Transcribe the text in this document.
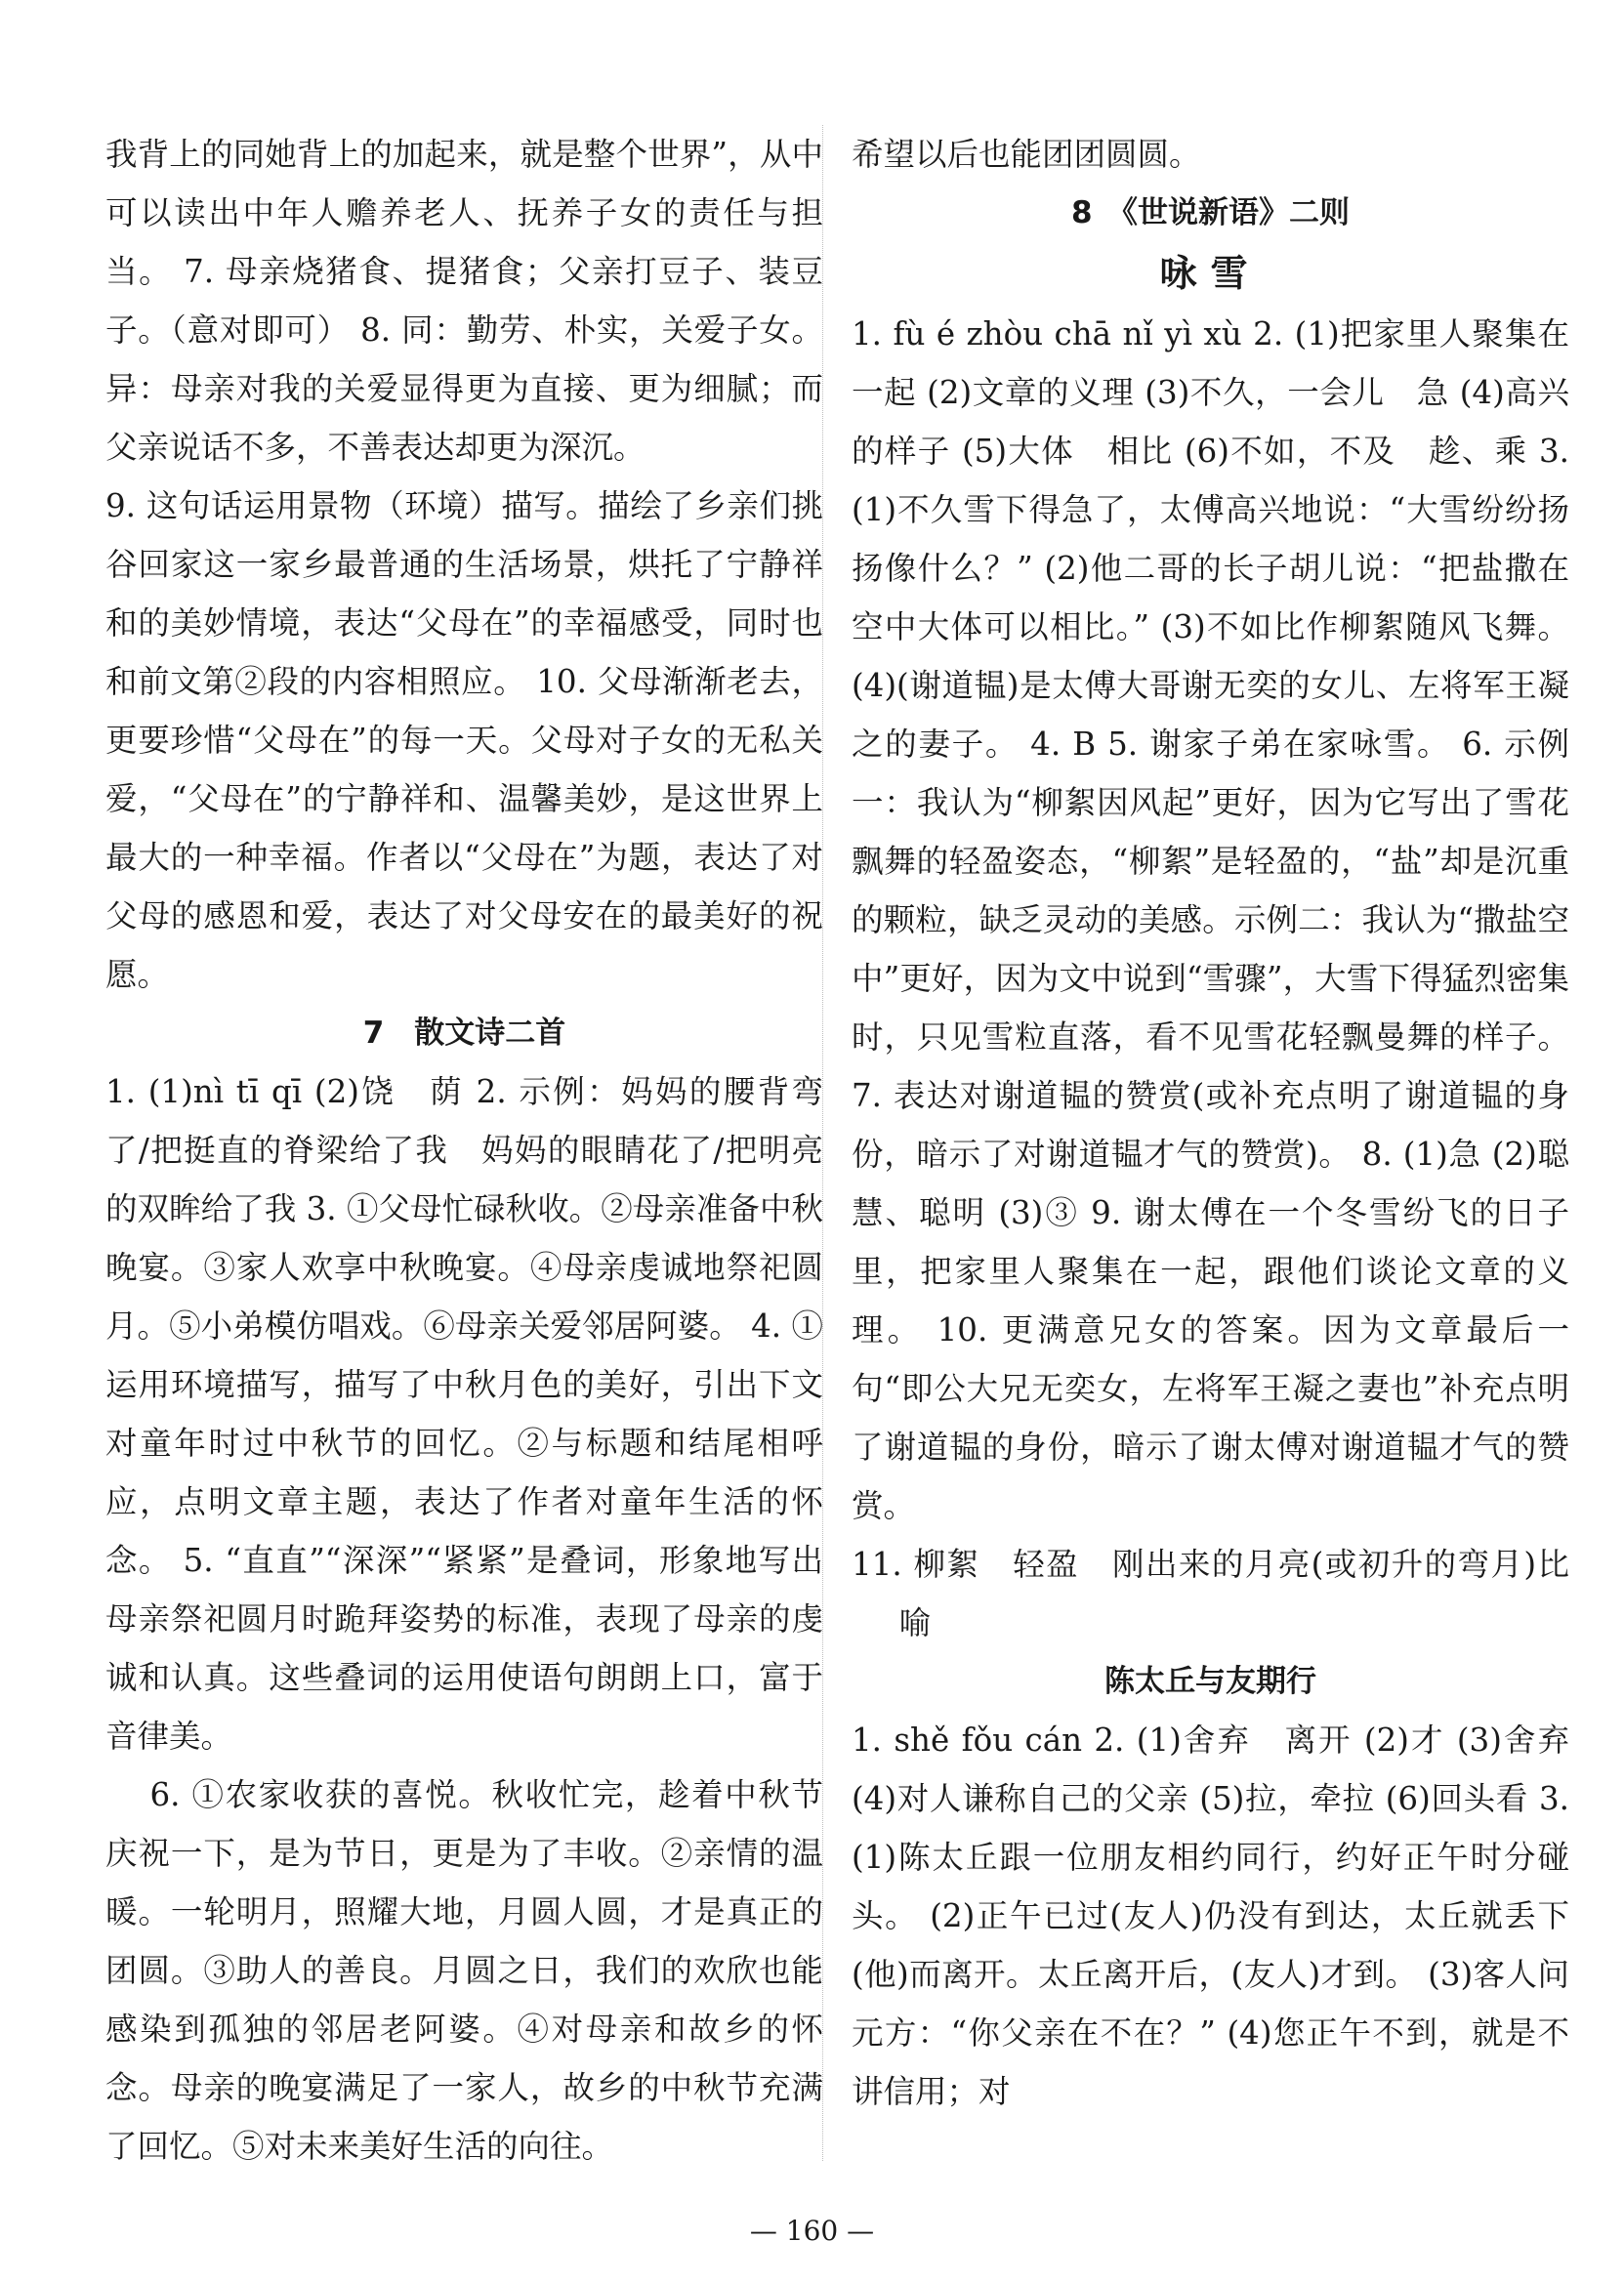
我背上的同她背上的加起来，就是整个世界”，从中可以读出中年人赡养老人、抚养子女的责任与担当。 7. 母亲烧猪食、提猪食；父亲打豆子、装豆子。（意对即可） 8. 同：勤劳、朴实，关爱子女。异：母亲对我的关爱显得更为直接、更为细腻；而父亲说话不多，不善表达却更为深沉。

9. 这句话运用景物（环境）描写。描绘了乡亲们挑谷回家这一家乡最普通的生活场景，烘托了宁静祥和的美妙情境，表达“父母在”的幸福感受，同时也和前文第②段的内容相照应。 10. 父母渐渐老去，更要珍惜“父母在”的每一天。父母对子女的无私关爱，“父母在”的宁静祥和、温馨美妙，是这世界上最大的一种幸福。作者以“父母在”为题，表达了对父母的感恩和爱，表达了对父母安在的最美好的祝愿。

7　散文诗二首

1. (1)nì tī qī (2)饶　荫 2. 示例：妈妈的腰背弯了/把挺直的脊梁给了我　妈妈的眼睛花了/把明亮的双眸给了我 3. ①父母忙碌秋收。②母亲准备中秋晚宴。③家人欢享中秋晚宴。④母亲虔诚地祭祀圆月。⑤小弟模仿唱戏。⑥母亲关爱邻居阿婆。 4. ①运用环境描写，描写了中秋月色的美好，引出下文对童年时过中秋节的回忆。②与标题和结尾相呼应，点明文章主题，表达了作者对童年生活的怀念。 5. “直直”“深深”“紧紧”是叠词，形象地写出母亲祭祀圆月时跪拜姿势的标准，表现了母亲的虔诚和认真。这些叠词的运用使语句朗朗上口，富于音律美。

6. ①农家收获的喜悦。秋收忙完，趁着中秋节庆祝一下，是为节日，更是为了丰收。②亲情的温暖。一轮明月，照耀大地，月圆人圆，才是真正的团圆。③助人的善良。月圆之日，我们的欢欣也能感染到孤独的邻居老阿婆。④对母亲和故乡的怀念。母亲的晚宴满足了一家人，故乡的中秋节充满了回忆。⑤对未来美好生活的向往。

希望以后也能团团圆圆。

8　《世说新语》二则

咏雪

1. fù é zhòu chā nǐ yì xù 2. (1)把家里人聚集在一起 (2)文章的义理 (3)不久，一会儿　急 (4)高兴的样子 (5)大体　相比 (6)不如，不及　趁、乘 3. (1)不久雪下得急了，太傅高兴地说：“大雪纷纷扬扬像什么？” (2)他二哥的长子胡儿说：“把盐撒在空中大体可以相比。” (3)不如比作柳絮随风飞舞。 (4)(谢道韫)是太傅大哥谢无奕的女儿、左将军王凝之的妻子。 4. B 5. 谢家子弟在家咏雪。 6. 示例一：我认为“柳絮因风起”更好，因为它写出了雪花飘舞的轻盈姿态，“柳絮”是轻盈的，“盐”却是沉重的颗粒，缺乏灵动的美感。示例二：我认为“撒盐空中”更好，因为文中说到“雪骤”，大雪下得猛烈密集时，只见雪粒直落，看不见雪花轻飘曼舞的样子。 7. 表达对谢道韫的赞赏(或补充点明了谢道韫的身份，暗示了对谢道韫才气的赞赏)。 8. (1)急 (2)聪慧、聪明 (3)③ 9. 谢太傅在一个冬雪纷飞的日子里，把家里人聚集在一起，跟他们谈论文章的义理。 10. 更满意兄女的答案。因为文章最后一句“即公大兄无奕女，左将军王凝之妻也”补充点明了谢道韫的身份，暗示了谢太傅对谢道韫才气的赞赏。

11. 柳絮　轻盈　刚出来的月亮(或初升的弯月)比喻

陈太丘与友期行

1. shě fǒu cán 2. (1)舍弃　离开 (2)才 (3)舍弃 (4)对人谦称自己的父亲 (5)拉，牵拉 (6)回头看 3. (1)陈太丘跟一位朋友相约同行，约好正午时分碰头。 (2)正午已过(友人)仍没有到达，太丘就丢下(他)而离开。太丘离开后，(友人)才到。 (3)客人问元方：“你父亲在不在？” (4)您正午不到，就是不讲信用；对

— 160 —
